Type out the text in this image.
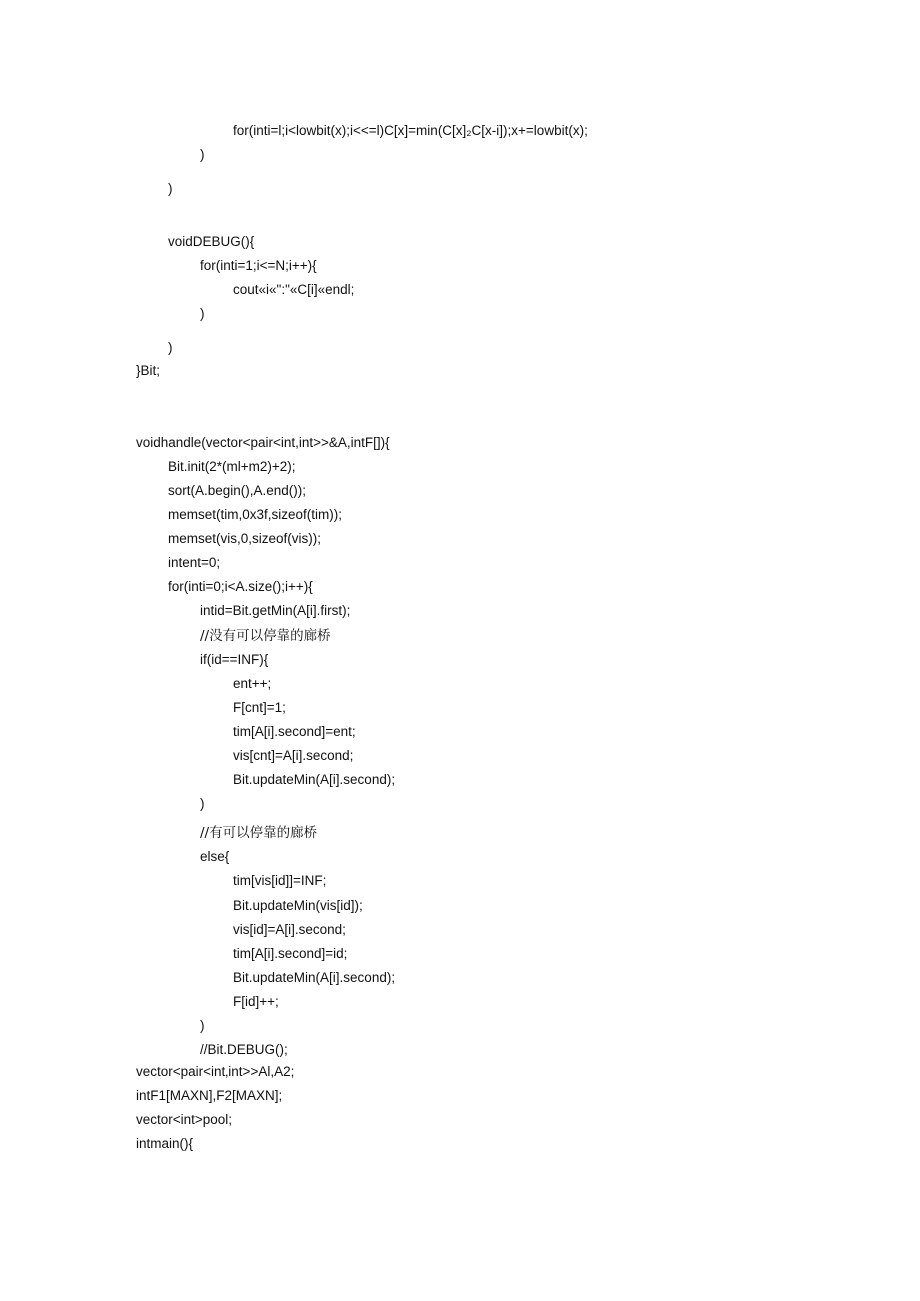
for(inti=l;i<lowbit(x);i<<=l)C[x]=min(C[x]₂C[x-i]);x+=lowbit(x);
)
)
voidDEBUG(){
for(inti=1;i<=N;i++){
cout«i«":"«C[i]«endl;
)
)
}Bit;
voidhandle(vector<pair<int,int>>&A,intF[]){
Bit.init(2*(ml+m2)+2);
sort(A.begin(),A.end());
memset(tim,0x3f,sizeof(tim));
memset(vis,0,sizeof(vis));
intent=0;
for(inti=0;i<A.size();i++){
intid=Bit.getMin(A[i].first);
//没有可以停靠的廊桥
if(id==INF){
ent++;
F[cnt]=1;
tim[A[i].second]=ent;
vis[cnt]=A[i].second;
Bit.updateMin(A[i].second);
)
//有可以停靠的廊桥
else{
tim[vis[id]]=INF;
Bit.updateMin(vis[id]);
vis[id]=A[i].second;
tim[A[i].second]=id;
Bit.updateMin(A[i].second);
F[id]++;
)
//Bit.DEBUG();
vector<pair<int‚int>>Al,A2;
intF1[MAXN],F2[MAXN];
vector<int>pool;
intmain(){
